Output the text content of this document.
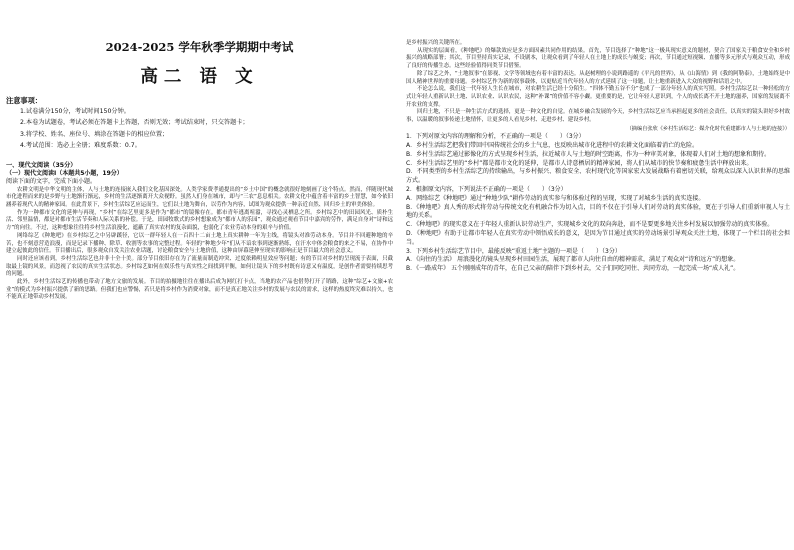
2024-2025 学年秋季学期期中考试
高二 语 文
注意事项：
1.试卷满分150分，考试时间150分钟。
2.本卷为试题卷，考试必须在答题卡上答题，否则无效；考试结束时，只交答题卡；
3.将学校、姓名、座位号、填涂在答题卡的相应位置；
4.考试范围：选必上全册；难度系数：0.7。
一、现代文阅读（35分）
（一）现代文阅读Ⅰ（本题共5小题，19分）
阅读下面的文字，完成下面小题。

农耕文明是中华文明的主体，人与土地的连接嵌入我们文化基因深处。人类学家费孝通提出的“乡土中国”的概念就很好地刻画了这个特点。然而，伴随现代城市化进程而来的是乡野与土地渐行渐远，乡村的生活逐渐离开大众视野。虽然人们身在城市，却与“三农”息息相关。农耕文化中蕴含着丰富的乡土智慧，如今依旧涵养着现代人的精神家园。在此背景下，乡村生活综艺应运而生，它们以土地为舞台，以劳作为内容，试图为观众提供一种亲近自然、回归乡土的审美体验。

作为一种都市文化的延伸与再现，“乡村”在综艺里更多是作为“都市”的镜像存在。都市青年逃离喧嚣，寻找心灵栖息之所。乡村综艺中的田园风光、质朴生活、邻里温情，都是对都市生活节奏和人际关系的补偿。于是，田园牧歌式的乡村想象成为“都市人的乐园”，观众通过观看节目中嘉宾的劳作，满足自身对“诗和远方”的向往。不过，这种想象往往将乡村生活浪漫化，遮蔽了真实农村的复杂面貌，也弱化了农业劳动本身的艰辛与价值。

网络综艺《种地吧》在乡村综艺之中另辟蹊径，它以一群年轻人在一百四十二亩土地上真实耕种一年为主线，将镜头对准劳动本身。节目并不回避种地的辛苦，也不刻意营造浪漫，而是记录下播种、除草、收割等农事的完整过程。年轻的“种地少年”们从不谙农事到逐渐熟练，在汗水中体会粮食的来之不易，在协作中建立起彼此的信任。节目播出后，很多观众自发关注农业话题，讨论粮食安全与土地价值，这种由屏幕延伸至现实的影响正是节目最大的社会意义。

同时还应该看到，乡村生活综艺也并非十全十美。部分节目依旧存在为了流量而制造冲突、过度依赖明星效应等问题；有的节目对乡村的呈现流于表面，只截取最上镜的风景，而忽视了农民的真实生活状态。乡村综艺如何在娱乐性与真实性之间找到平衡，如何让镜头下的乡村既有诗意又有温度，是创作者需要持续思考的问题。

此外，乡村生活综艺的传播也带动了地方文旅的发展。节目的拍摄地往往在播出后成为网红打卡点，当地的农产品也借势打开了销路，这种“综艺+文旅+农业”的模式为乡村振兴提供了新的思路。但我们也应警惕，若只是将乡村作为消费对象，而不是真正地关注乡村的发展与农民的需求，这样的热度终究难以持久，也不能真正地带动乡村发展。

是乡村振兴的关键所在。

从现实的层面看，《种地吧》的爆款效应是多方面因素共同作用的结果。首先，节目选择了“种地”这一极具现实意义的题材，契合了国家关于粮食安全和乡村振兴的战略部署；其次，节目坚持真实记录，不设剧本，让观众看到了年轻人在土地上的成长与蜕变；再次，节目通过短视频、直播等多元形式与观众互动，形成了良好的传播生态。这些经验值得同类节目借鉴。

除了综艺之外，“土地叙事”在影视、文学等领域也有着丰富的表达。从赵树理的小说到路遥的《平凡的世界》，从《山海情》到《我的阿勒泰》，土地始终是中国人精神世界的重要母题。乡村综艺作为新的叙事载体，以更贴近当代年轻人的方式延续了这一母题，让土地重新进入大众的视野和话语之中。

不论怎么说，我们这一代年轻人生长在城市，对农耕生活已经十分陌生。“四体不勤五谷不分”也成了一部分年轻人的真实写照。乡村生活综艺以一种轻松的方式让年轻人重新认识土地、认识农业、认识农民，这种“补课”的价值不容小觑。更重要的是，它让年轻人意识到，个人的成长离不开土地的滋养，国家的发展离不开农业的支撑。

回归土地，不只是一种生活方式的选择，更是一种文化的自觉。在城乡融合发展的今天，乡村生活综艺应当承担起更多的社会责任，以真实的镜头讲好乡村故事，以温暖的叙事传递土地情怀，让更多的人看见乡村、走进乡村、建设乡村。

（摘编自张欣《乡村生活综艺：媒介化时代重建都市人与土地的连接》）

1．下列对原文内容的理解和分析，不正确的一项是（　　）（3分）

A．乡村生活综艺把我们带回中国传统社会的乡土气息，也反映出城市化进程中的农耕文化面临着消亡的危险。

B．乡村生活综艺通过影像化的方式呈现乡村生活，拉近城市人与土地的时空距离，作为一种审美对象，体现着人们对土地的想象和期待。

C．乡村生活综艺里的“乡村”都是都市文化的延伸，是都市人诗意栖居的精神家园，将人们从城市的快节奏和疲惫生活中释放出来。

D．不同类型的乡村生活综艺的持续输出，与乡村振兴、粮食安全、农村现代化等国家宏大发展战略有着密切关联，给观众以深入认识世界的思维方式。

2．根据原文内容，下列说法不正确的一项是（　　）（3分）

A．网络综艺《种地吧》通过“种地少队”耕作劳动的真实参与和体验过程的呈现，实现了对城乡生活的真实连接。

B．《种地吧》真人秀的形式将劳动与传统文化有机融合作为切入点，目的不仅在于引导人们对劳动的真实体验，更在于引导人们重新审视人与土地的关系。

C．《种地吧》的现实意义在于年轻人重新认识劳动生产，实现城乡文化的双向奔赴，而不是要更多地关注乡村发展以加强劳动的真实体验。

D．《种地吧》有助于让都市年轻人在真实劳动中领悟成长的意义，是因为节目通过真实的劳动场景引导观众关注土地，体现了一个栏目的社会担当。

3．下列乡村生活综艺节目中，最能反映“重返土地”主题的一项是（　　）（3分）

A．《向往的生活》 用浪漫化的镜头呈现乡村田园生活，展现了都市人向往自由的精神需求，满足了观众对“诗和远方”的想象。

B．《一路成年》 五个刚刚成年的青年，在自己父亲的陪伴下到乡村去，父子们同吃同住、共同劳动，一起完成一场“成人礼”。
